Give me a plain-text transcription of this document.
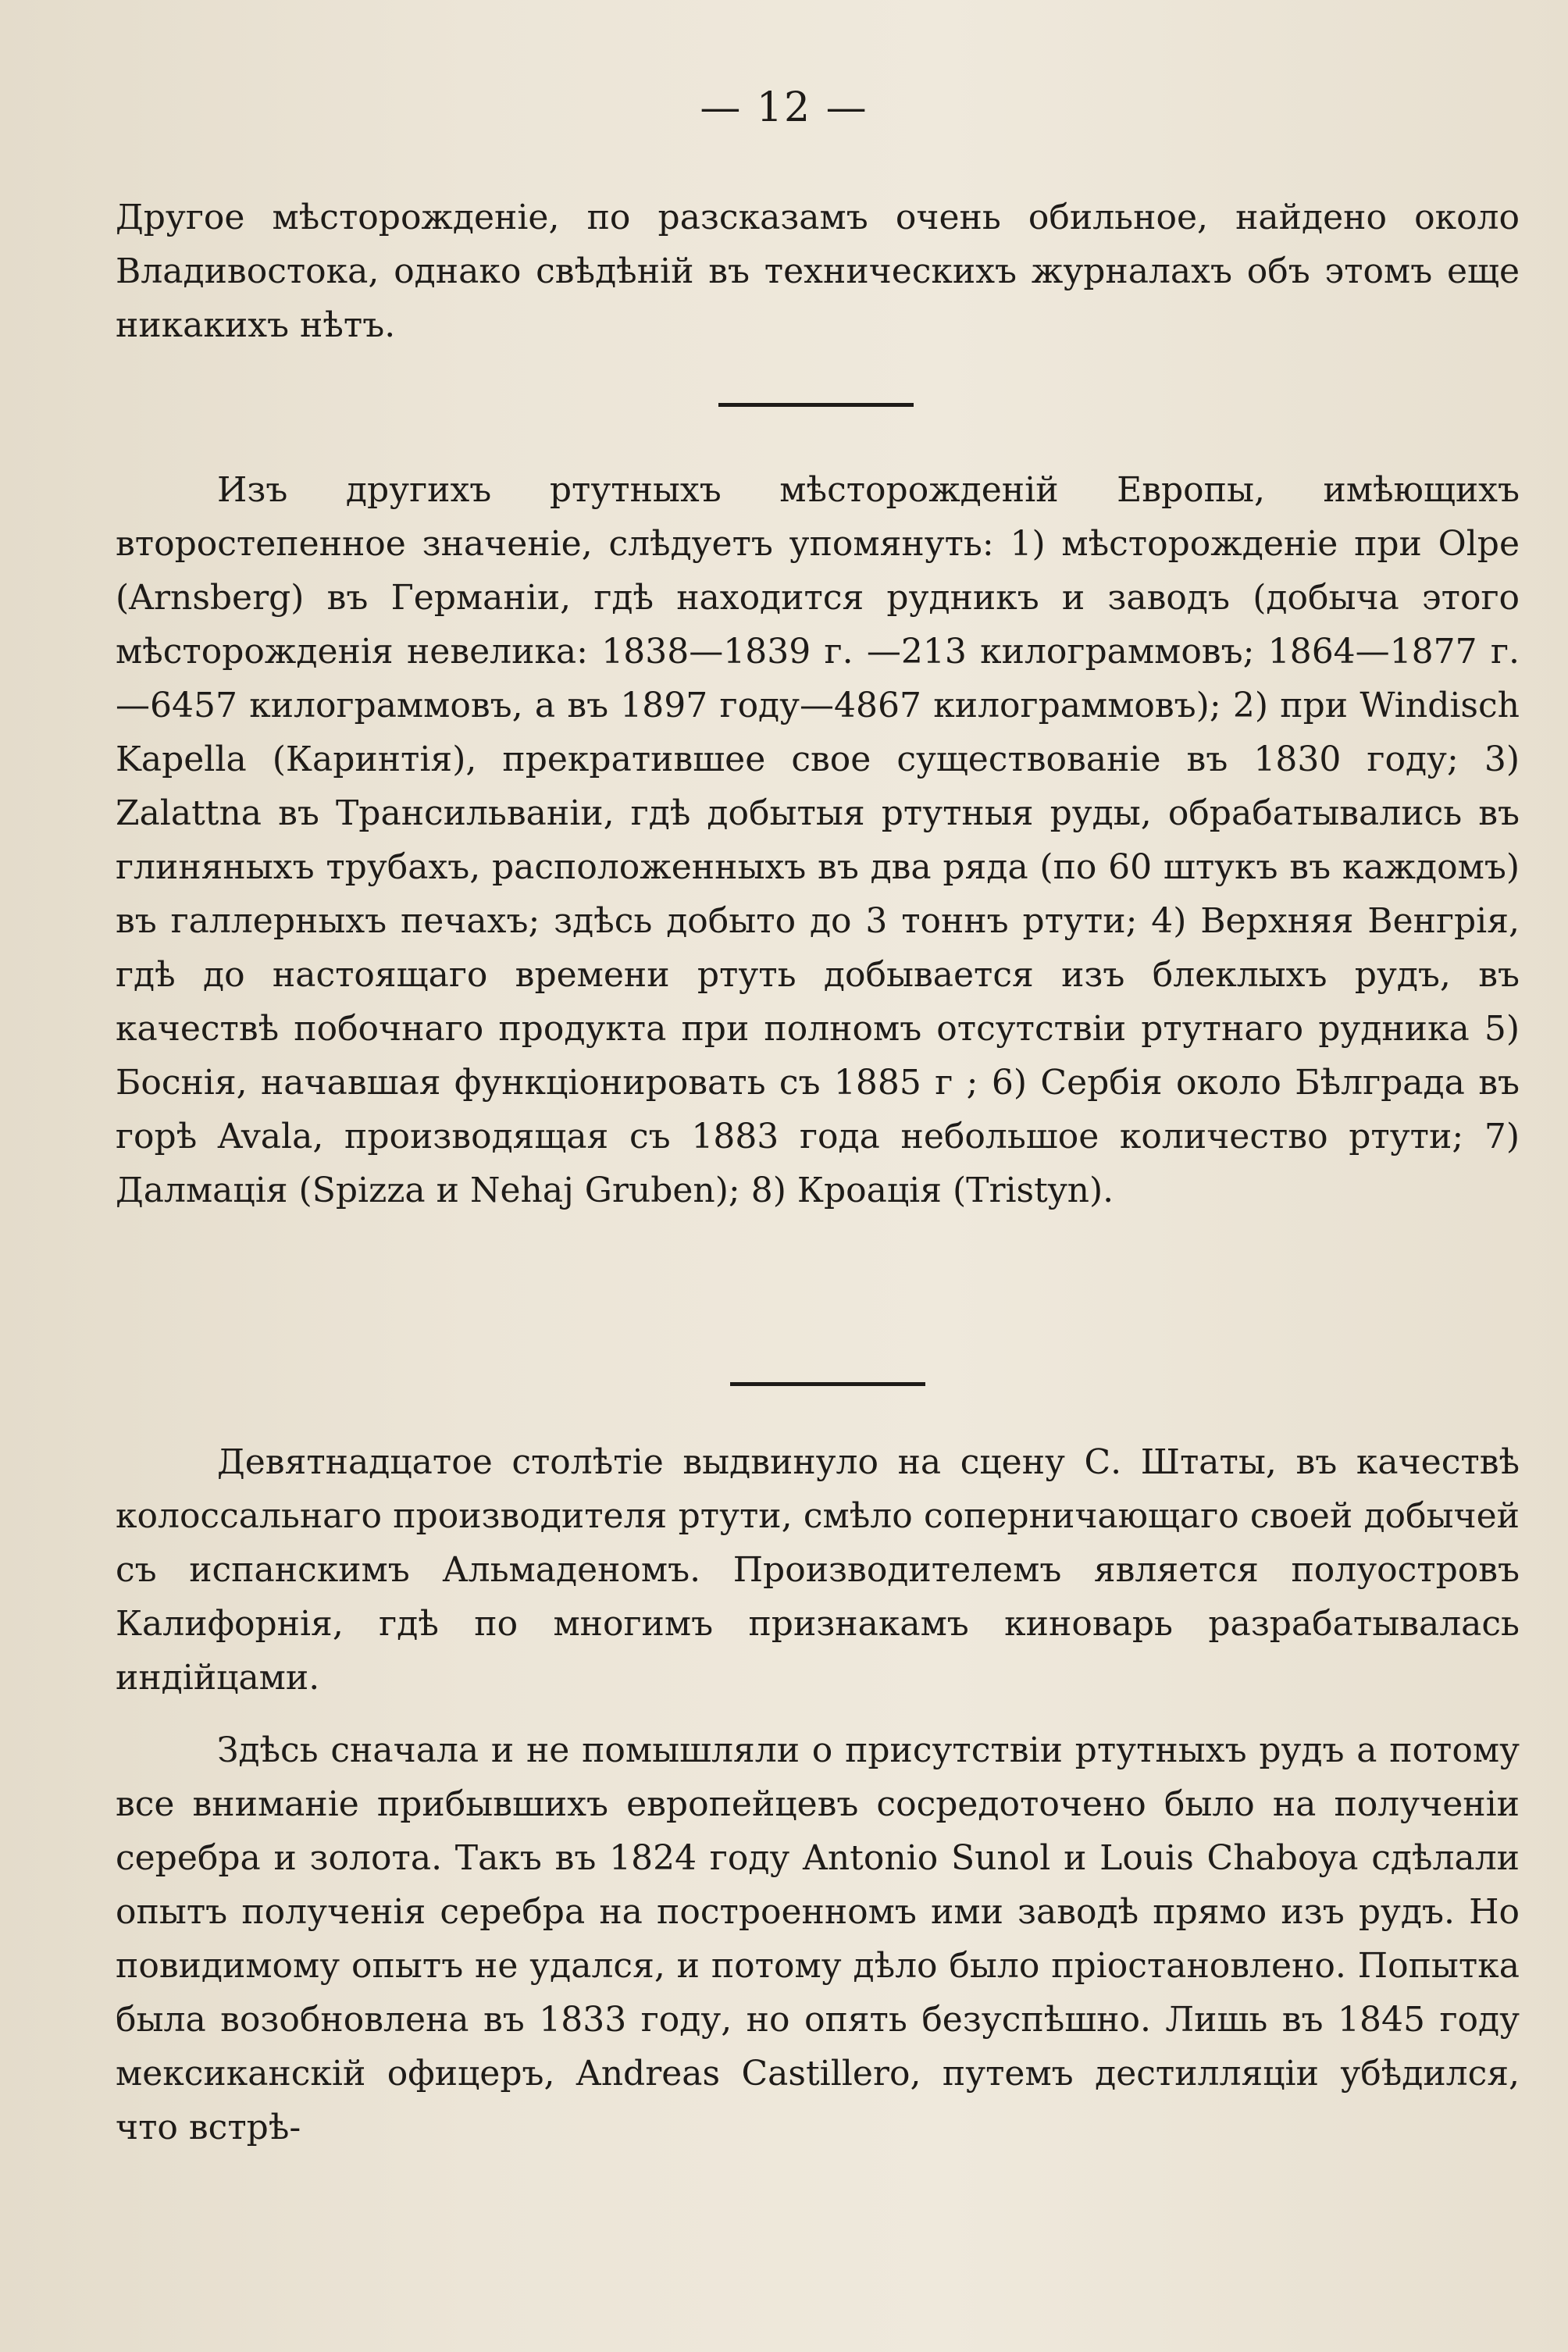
— 12 —

Другое мѣсторожденіе, по разсказамъ очень обильное, найдено около Владивостока, однако свѣдѣній въ техническихъ журналахъ объ этомъ еще никакихъ нѣтъ.

Изъ другихъ ртутныхъ мѣсторожденій Европы, имѣющихъ второстепенное значеніе, слѣдуетъ упомянуть: 1) мѣсторожденіе при Olpe (Arnsberg) въ Германіи, гдѣ находится рудникъ и заводъ (добыча этого мѣсторожденія невелика: 1838—1839 г. —213 килограммовъ; 1864—1877 г.—6457 килограммовъ, а въ 1897 году—4867 килограммовъ); 2) при Windisch Kapella (Каринтія), прекратившее свое существованіе въ 1830 году; 3) Zalattna въ Трансильваніи, гдѣ добытыя ртутныя руды, обрабатывались въ глиняныхъ трубахъ, расположенныхъ въ два ряда (по 60 штукъ въ каждомъ) въ галлерныхъ печахъ; здѣсь добыто до 3 тоннъ ртути; 4) Верхняя Венгрія, гдѣ до настоящаго времени ртуть добывается изъ блеклыхъ рудъ, въ качествѣ побочнаго продукта при полномъ отсутствіи ртутнаго рудника 5) Боснія, начавшая функціонировать съ 1885 г ; 6) Сербія около Бѣлграда въ горѣ Avala, производящая съ 1883 года небольшое количество ртути; 7) Далмація (Spizza и Nehaj Gruben); 8) Кроація (Tristyn).

Девятнадцатое столѣтіе выдвинуло на сцену С. Штаты, въ качествѣ колоссальнаго производителя ртути, смѣло соперничающаго своей добычей съ испанскимъ Альмаденомъ. Производителемъ является полуостровъ Калифорнія, гдѣ по многимъ признакамъ киноварь разрабатывалась индійцами.

Здѣсь сначала и не помышляли о присутствіи ртутныхъ рудъ а потому все вниманіе прибывшихъ европейцевъ сосредоточено было на полученіи серебра и золота. Такъ въ 1824 году Antonio Sunol и Louis Chaboya сдѣлали опытъ полученія серебра на построенномъ ими заводѣ прямо изъ рудъ. Но повидимому опытъ не удался, и потому дѣло было пріостановлено. Попытка была возобновлена въ 1833 году, но опять безуспѣшно. Лишь въ 1845 году мексиканскій офицеръ, Andreas Castillero, путемъ дестилляціи убѣдился, что встрѣ-
